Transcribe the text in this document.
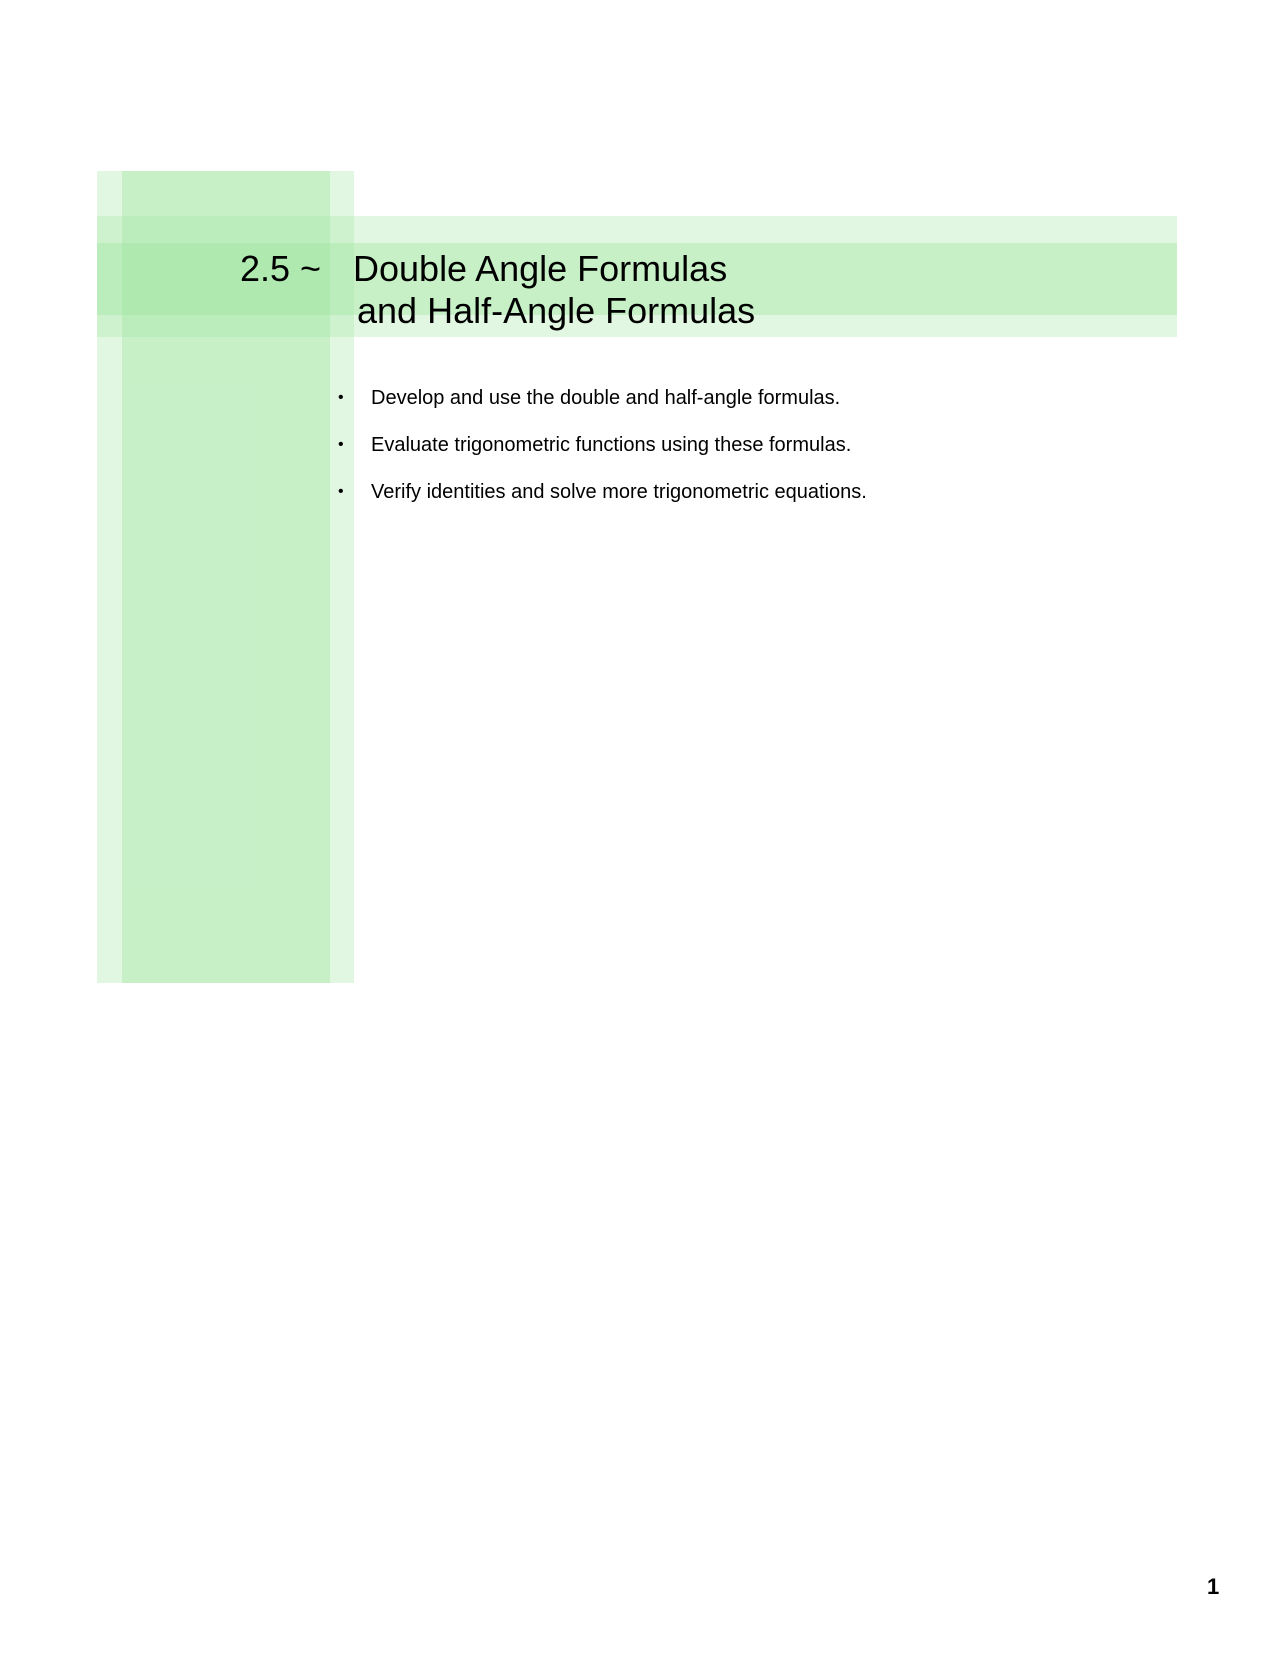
2.5 ~ Double Angle Formulas
and Half-Angle Formulas
•	Develop and use the double and half-angle formulas.
•	Evaluate trigonometric functions using these formulas.
•	Verify identities and solve more trigonometric equations.
1
